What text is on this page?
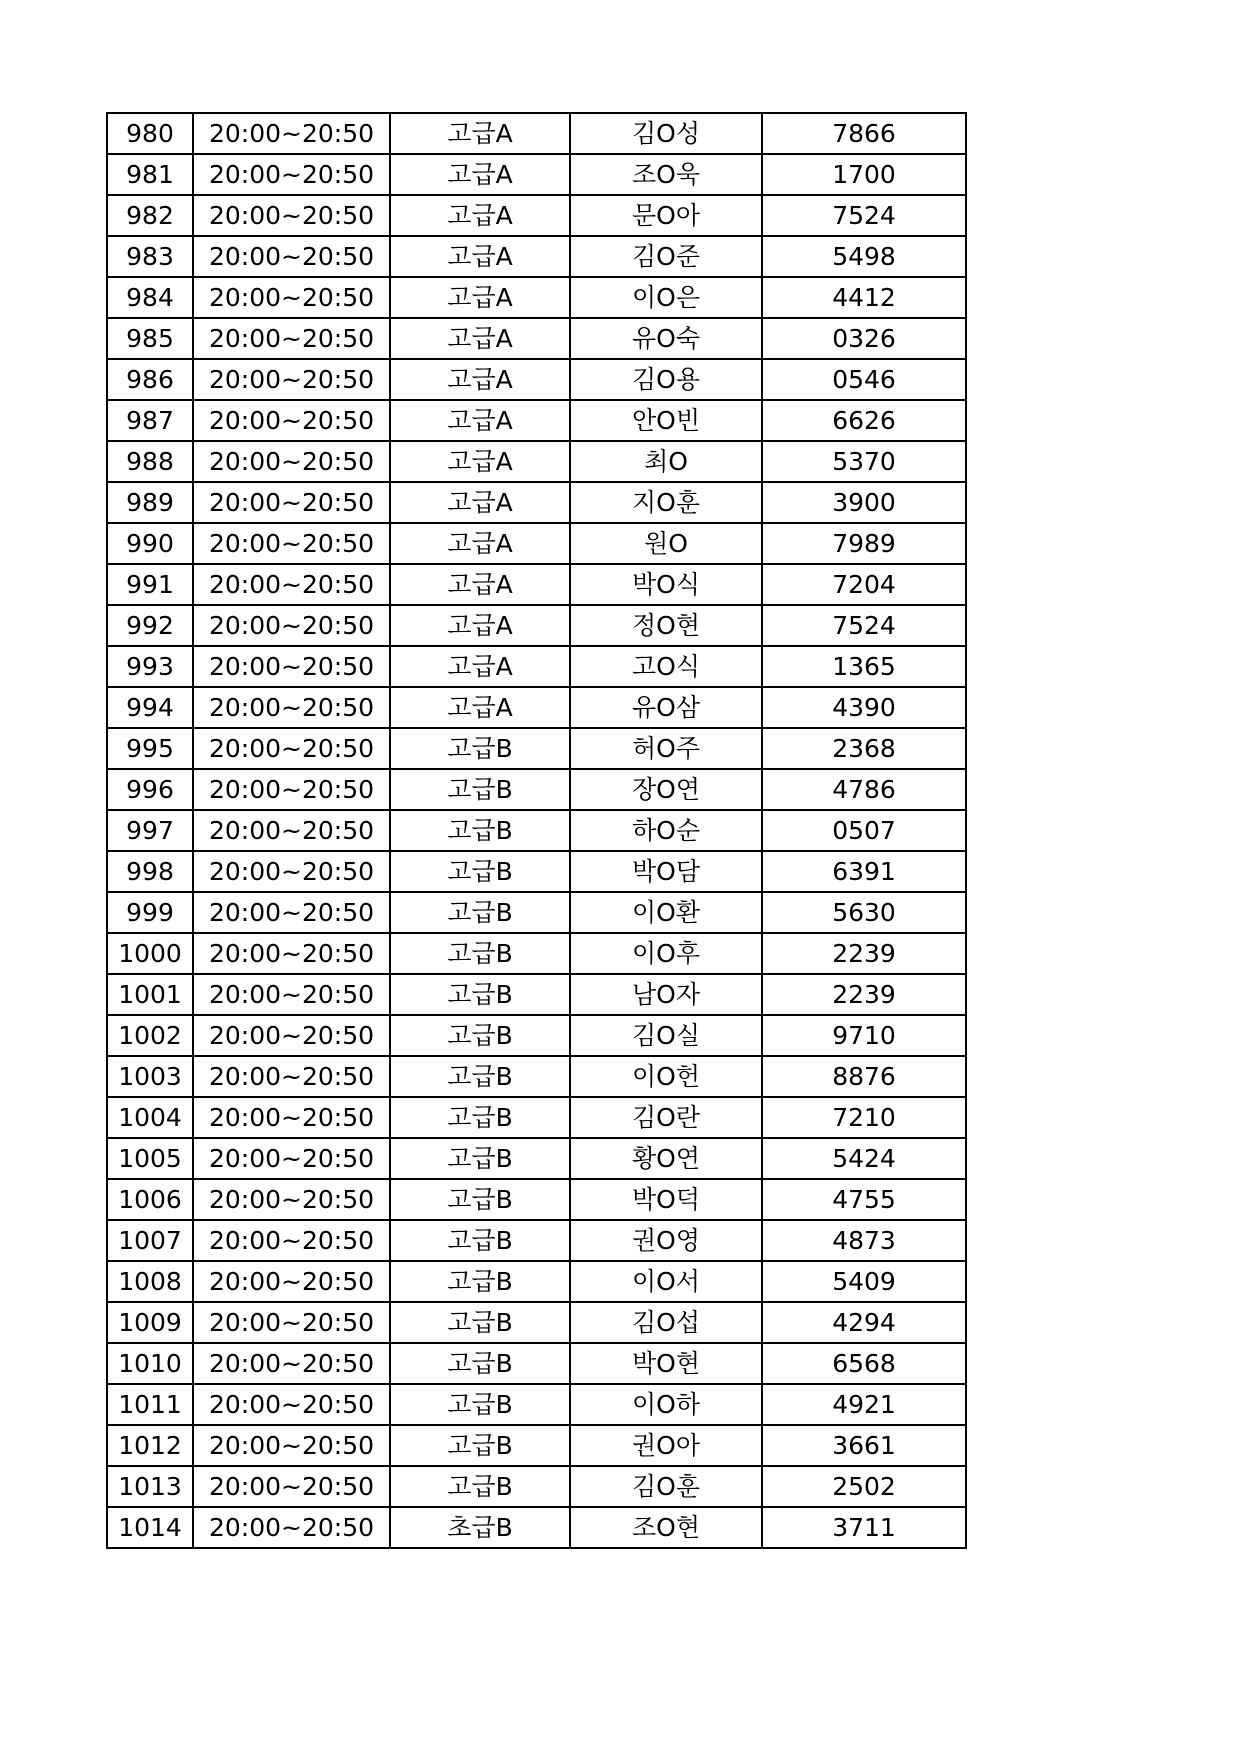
980	20:00~20:50	고급A	김O성	7866
981	20:00~20:50	고급A	조O욱	1700
982	20:00~20:50	고급A	문O아	7524
983	20:00~20:50	고급A	김O준	5498
984	20:00~20:50	고급A	이O은	4412
985	20:00~20:50	고급A	유O숙	0326
986	20:00~20:50	고급A	김O용	0546
987	20:00~20:50	고급A	안O빈	6626
988	20:00~20:50	고급A	최O	5370
989	20:00~20:50	고급A	지O훈	3900
990	20:00~20:50	고급A	원O	7989
991	20:00~20:50	고급A	박O식	7204
992	20:00~20:50	고급A	정O현	7524
993	20:00~20:50	고급A	고O식	1365
994	20:00~20:50	고급A	유O삼	4390
995	20:00~20:50	고급B	허O주	2368
996	20:00~20:50	고급B	장O연	4786
997	20:00~20:50	고급B	하O순	0507
998	20:00~20:50	고급B	박O담	6391
999	20:00~20:50	고급B	이O환	5630
1000	20:00~20:50	고급B	이O후	2239
1001	20:00~20:50	고급B	남O자	2239
1002	20:00~20:50	고급B	김O실	9710
1003	20:00~20:50	고급B	이O헌	8876
1004	20:00~20:50	고급B	김O란	7210
1005	20:00~20:50	고급B	황O연	5424
1006	20:00~20:50	고급B	박O덕	4755
1007	20:00~20:50	고급B	권O영	4873
1008	20:00~20:50	고급B	이O서	5409
1009	20:00~20:50	고급B	김O섭	4294
1010	20:00~20:50	고급B	박O현	6568
1011	20:00~20:50	고급B	이O하	4921
1012	20:00~20:50	고급B	권O아	3661
1013	20:00~20:50	고급B	김O훈	2502
1014	20:00~20:50	초급B	조O현	3711
